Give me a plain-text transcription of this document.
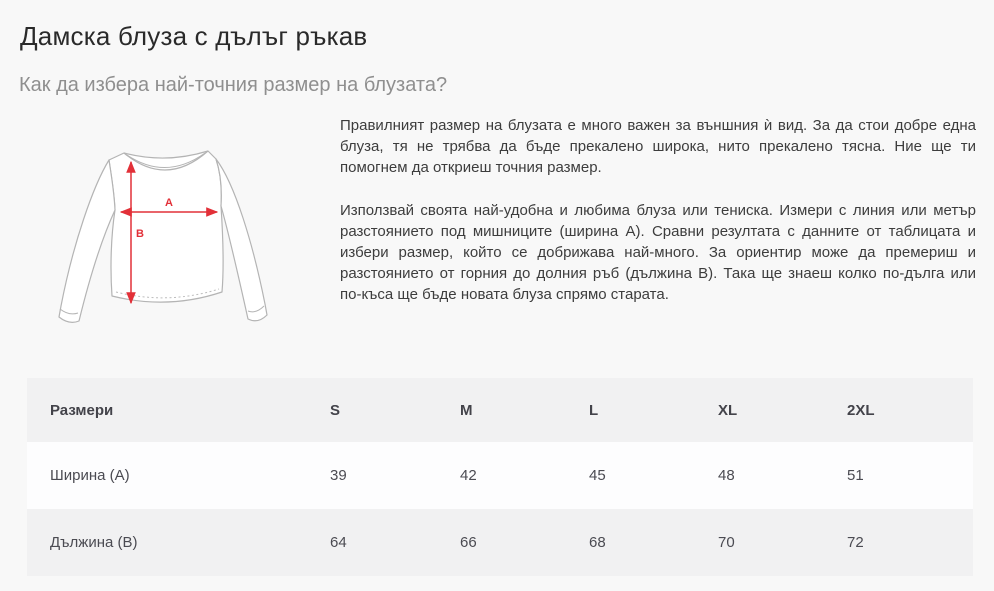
Дамска блуза с дълъг ръкав
Как да избера най-точния размер на блузата?
A
B

Правилният размер на блузата е много важен за външния ѝ вид. За да стои добре една блуза, тя не трябва да бъде прекалено широка, нито прекалено тясна. Ние ще ти помогнем да откриеш точния размер.

Използвай своята най-удобна и любима блуза или тениска. Измери с линия или метър разстоянието под мишниците (ширина A). Сравни резултата с данните от таблицата и избери размер, който се добрижава най-много. За ориентир може да премериш и разстоянието от горния до долния ръб (дължина B). Така ще знаеш колко по-дълга или по-къса ще бъде новата блуза спрямо старата.

Размери	S	M	L	XL	2XL
Ширина (A)	39	42	45	48	51
Дължина (B)	64	66	68	70	72
